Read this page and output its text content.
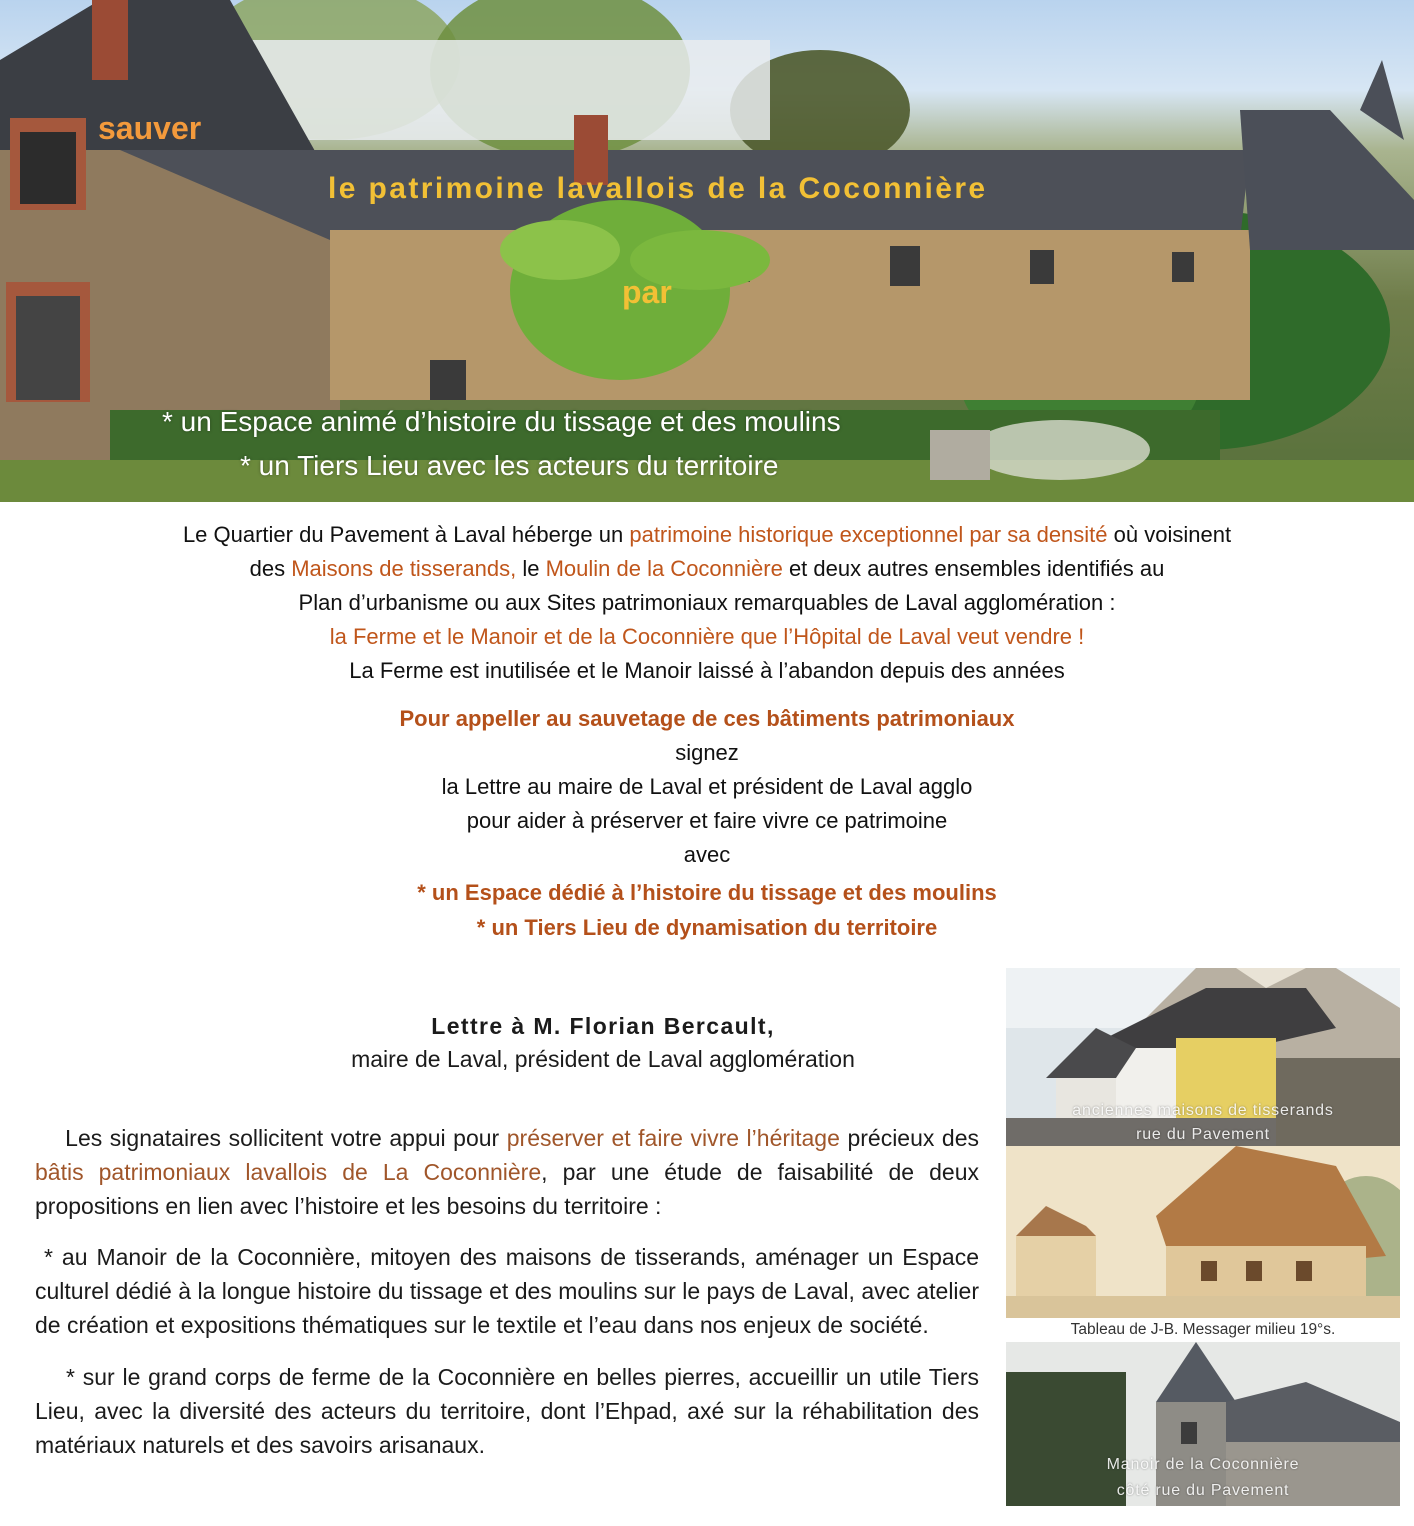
sauver

le patrimoine lavallois de la Coconnière

par

* un Espace animé d’histoire du tissage et des moulins

* un Tiers Lieu avec les acteurs du territoire

Le Quartier du Pavement à Laval héberge un patrimoine historique exceptionnel par sa densité où voisinent

des Maisons de tisserands, le Moulin de la Coconnière et deux autres ensembles identifiés au

Plan d’urbanisme ou aux Sites patrimoniaux remarquables de Laval agglomération :

la Ferme et le Manoir et de la Coconnière que l’Hôpital de Laval veut vendre !

La Ferme est inutilisée et le Manoir laissé à l’abandon depuis des années

Pour appeller au sauvetage de ces bâtiments patrimoniaux

signez

la Lettre au maire de Laval et président de Laval agglo

pour aider à préserver et faire vivre ce patrimoine

avec

* un Espace dédié à l’histoire du tissage et des moulins

* un Tiers Lieu de dynamisation du territoire

Lettre à M. Florian Bercault,

maire de Laval, président de Laval agglomération

Les signataires sollicitent votre appui pour préserver et faire vivre l’héritage précieux des bâtis patrimoniaux lavallois de La Coconnière, par une étude de faisabilité de deux propositions en lien avec l’histoire et les besoins du territoire :

* au Manoir de la Coconnière, mitoyen des maisons de tisserands, aménager un Espace culturel dédié à la longue histoire du tissage et des moulins sur le pays de Laval, avec atelier de création et expositions thématiques sur le textile et l’eau dans nos enjeux de société.

* sur le grand corps de ferme de la Coconnière en belles pierres, accueillir un utile Tiers Lieu, avec la diversité des acteurs du territoire, dont l’Ehpad, axé sur la réhabilitation des matériaux naturels et des savoirs arisanaux.

anciennes maisons de tisserands

rue du Pavement

Tableau de J-B. Messager milieu 19°s.

Manoir de la Coconnière

côté rue du Pavement
